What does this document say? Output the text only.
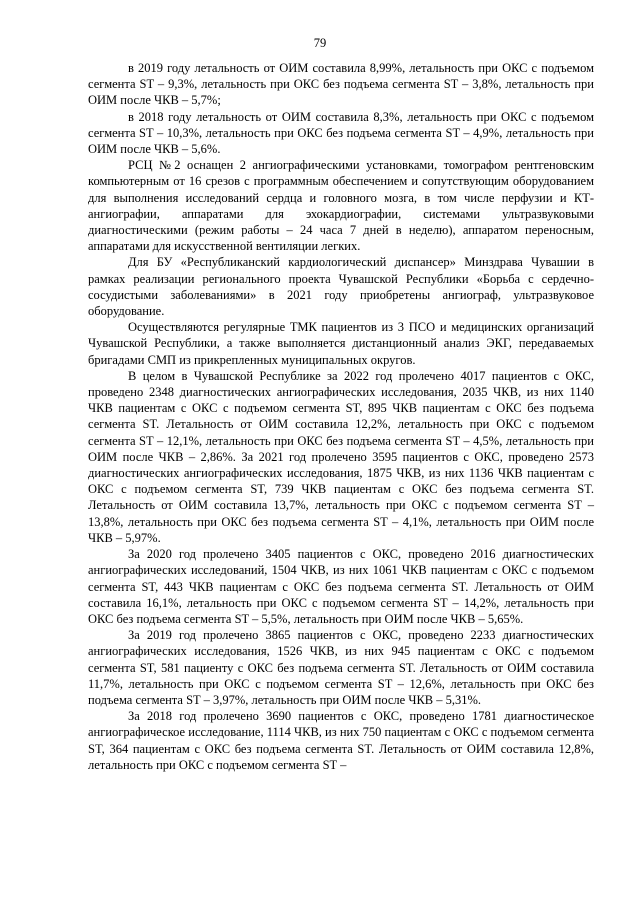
79

в 2019 году летальность от ОИМ составила 8,99%, летальность при ОКС с подъемом сегмента ST – 9,3%, летальность при ОКС без подъема сегмента ST – 3,8%, летальность при ОИМ после ЧКВ – 5,7%;

в 2018 году летальность от ОИМ составила 8,3%, летальность при ОКС с подъемом сегмента ST – 10,3%, летальность при ОКС без подъема сегмента ST – 4,9%, летальность при ОИМ после ЧКВ – 5,6%.

РСЦ №2 оснащен 2 ангиографическими установками, томографом рентгеновским компьютерным от 16 срезов с программным обеспечением и сопутствующим оборудованием для выполнения исследований сердца и головного мозга, в том числе перфузии и КТ-ангиографии, аппаратами для эхокардиографии, системами ультразвуковыми диагностическими (режим работы – 24 часа 7 дней в неделю), аппаратом переносным, аппаратами для искусственной вентиляции легких.

Для БУ «Республиканский кардиологический диспансер» Минздрава Чувашии в рамках реализации регионального проекта Чувашской Республики «Борьба с сердечно-сосудистыми заболеваниями» в 2021 году приобретены ангиограф, ультразвуковое оборудование.

Осуществляются регулярные ТМК пациентов из 3 ПСО и медицинских организаций Чувашской Республики, а также выполняется дистанционный анализ ЭКГ, передаваемых бригадами СМП из прикрепленных муниципальных округов.

В целом в Чувашской Республике за 2022 год пролечено 4017 пациентов с ОКС, проведено 2348 диагностических ангиографических исследования, 2035 ЧКВ, из них 1140 ЧКВ пациентам с ОКС с подъемом сегмента ST, 895 ЧКВ пациентам с ОКС без подъема сегмента ST. Летальность от ОИМ составила 12,2%, летальность при ОКС с подъемом сегмента ST – 12,1%, летальность при ОКС без подъема сегмента ST – 4,5%, летальность при ОИМ после ЧКВ – 2,86%. За 2021 год пролечено 3595 пациентов с ОКС, проведено 2573 диагностических ангиографических исследования, 1875 ЧКВ, из них 1136 ЧКВ пациентам с ОКС с подъемом сегмента ST, 739 ЧКВ пациентам с ОКС без подъема сегмента ST. Летальность от ОИМ составила 13,7%, летальность при ОКС с подъемом сегмента ST – 13,8%, летальность при ОКС без подъема сегмента ST – 4,1%, летальность при ОИМ после ЧКВ – 5,97%.

За 2020 год пролечено 3405 пациентов с ОКС, проведено 2016 диагностических ангиографических исследований, 1504 ЧКВ, из них 1061 ЧКВ пациентам с ОКС с подъемом сегмента ST, 443 ЧКВ пациентам с ОКС без подъема сегмента ST. Летальность от ОИМ составила 16,1%, летальность при ОКС с подъемом сегмента ST – 14,2%, летальность при ОКС без подъема сегмента ST – 5,5%, летальность при ОИМ после ЧКВ – 5,65%.

За 2019 год пролечено 3865 пациентов с ОКС, проведено 2233 диагностических ангиографических исследования, 1526 ЧКВ, из них 945 пациентам с ОКС с подъемом сегмента ST, 581 пациенту с ОКС без подъема сегмента ST. Летальность от ОИМ составила 11,7%, летальность при ОКС с подъемом сегмента ST – 12,6%, летальность при ОКС без подъема сегмента ST – 3,97%, летальность при ОИМ после ЧКВ – 5,31%.

За 2018 год пролечено 3690 пациентов с ОКС, проведено 1781 диагностическое ангиографическое исследование, 1114 ЧКВ, из них 750 пациентам с ОКС с подъемом сегмента ST, 364 пациентам с ОКС без подъема сегмента ST. Летальность от ОИМ составила 12,8%, летальность при ОКС с подъемом сегмента ST –
